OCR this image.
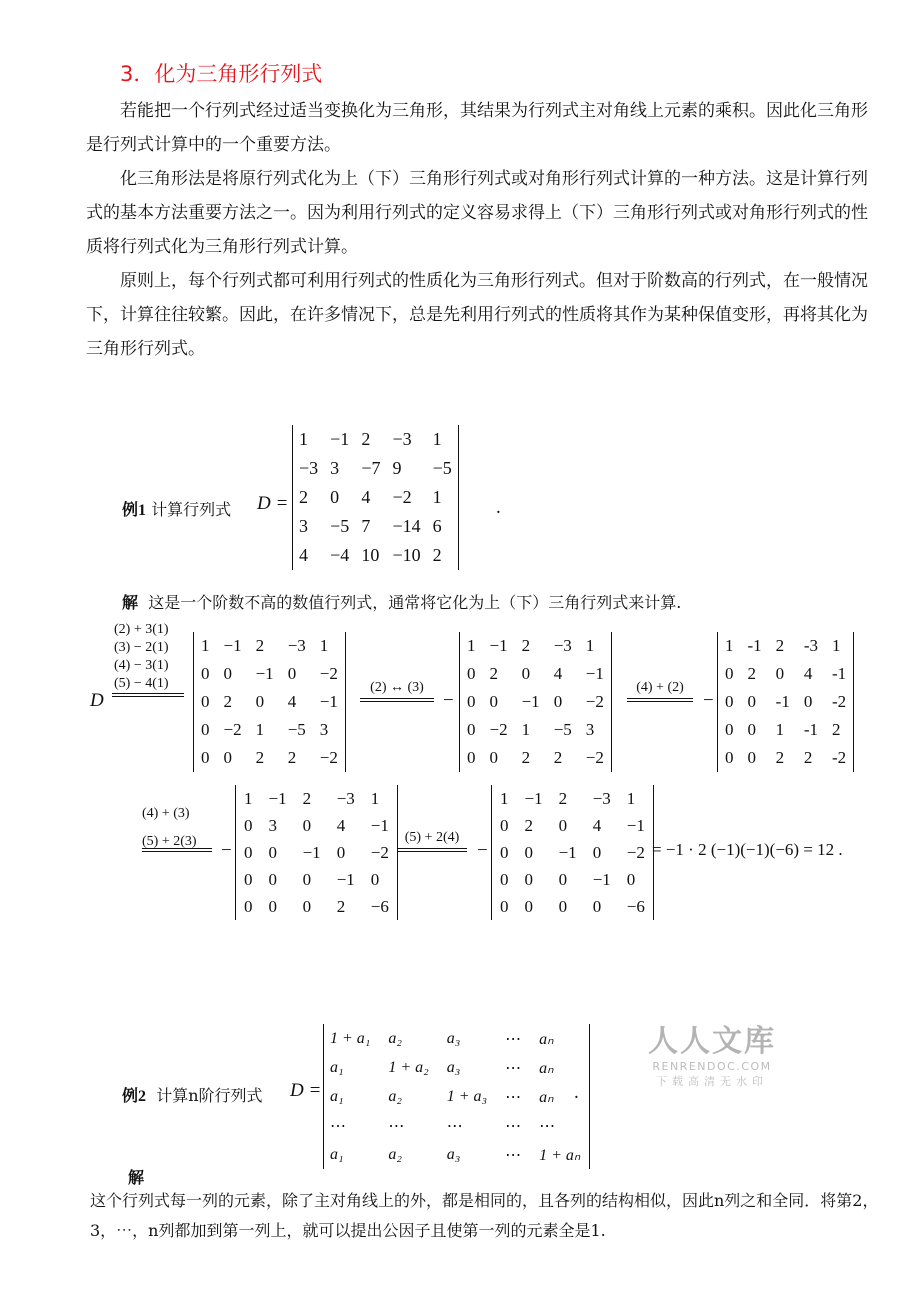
3．化为三角形行列式
若能把一个行列式经过适当变换化为三角形，其结果为行列式主对角线上元素的乘积。因此化三角形是行列式计算中的一个重要方法。
化三角形法是将原行列式化为上（下）三角形行列式或对角形行列式计算的一种方法。这是计算行列式的基本方法重要方法之一。因为利用行列式的定义容易求得上（下）三角形行列式或对角形行列式的性质将行列式化为三角形行列式计算。
原则上，每个行列式都可利用行列式的性质化为三角形行列式。但对于阶数高的行列式，在一般情况下，计算往往较繁。因此，在许多情况下，总是先利用行列式的性质将其作为某种保值变形，再将其化为三角形行列式。
例1 计算行列式 D =
1	−1	2	−3	1
−3	3	−7	9	−5
2	0	4	−2	1
3	−5	7	−14	6
4	−4	10	−10	2
.
解 这是一个阶数不高的数值行列式，通常将它化为上（下）三角行列式来计算.
(2) + 3(1)
(3) − 2(1)
(4) − 3(1)
(5) − 4(1)
D
1	−1	2	−3	1
0	0	−1	0	−2
0	2	0	4	−1
0	−2	1	−5	3
0	0	2	2	−2
(2) ↔ (3)
−
1	−1	2	−3	1
0	2	0	4	−1
0	0	−1	0	−2
0	−2	1	−5	3
0	0	2	2	−2
(4) + (2)
−
1	-1	2	-3	1
0	2	0	4	-1
0	0	-1	0	-2
0	0	1	-1	2
0	0	2	2	-2
(4) + (3)
(5) + 2(3) −
1	−1	2	−3	1
0	3	0	4	−1
0	0	−1	0	−2
0	0	0	−1	0
0	0	0	2	−6
(5) + 2(4)
−
1	−1	2	−3	1
0	2	0	4	−1
0	0	−1	0	−2
0	0	0	−1	0
0	0	0	0	−6
= −1 · 2 (−1)(−1)(−6) = 12 .
人人文库
RENRENDOC.COM
下载高清无水印
例2 计算n阶行列式 D =
1 + a₁	a₂	a₃	⋯	aₙ
a₁	1 + a₂	a₃	⋯	aₙ
a₁	a₂	1 + a₃	⋯	aₙ
⋯	⋯	⋯	⋯	⋯
a₁	a₂	a₃	⋯	1 + aₙ
.
解
这个行列式每一列的元素，除了主对角线上的外，都是相同的，且各列的结构相似，因此n列之和全同．将第2，3，⋯，n列都加到第一列上，就可以提出公因子且使第一列的元素全是1.
